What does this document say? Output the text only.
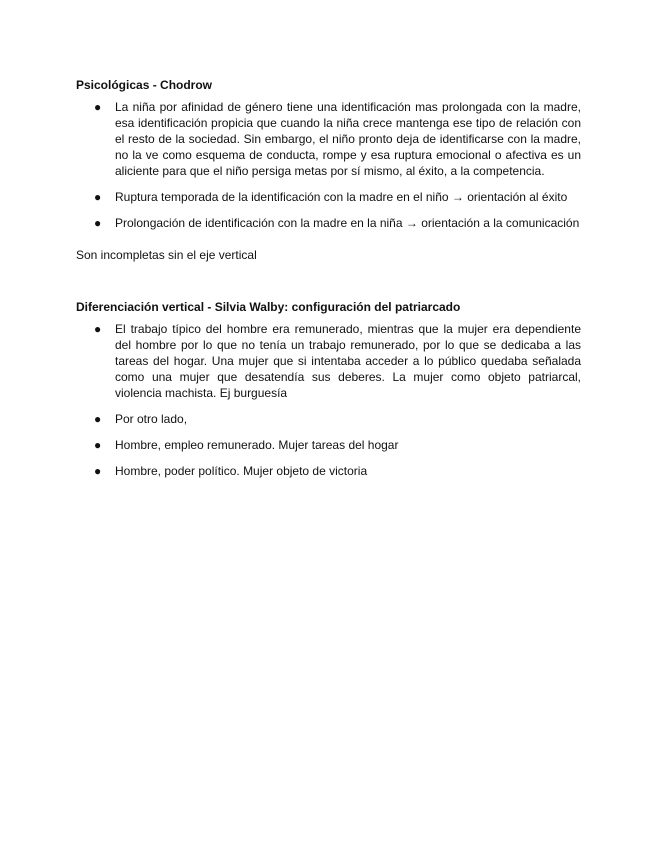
Psicológicas - Chodrow

● La niña por afinidad de género tiene una identificación mas prolongada con la madre, esa identificación propicia que cuando la niña crece mantenga ese tipo de relación con el resto de la sociedad. Sin embargo, el niño pronto deja de identificarse con la madre, no la ve como esquema de conducta, rompe y esa ruptura emocional o afectiva es un aliciente para que el niño persiga metas por sí mismo, al éxito, a la competencia.
● Ruptura temporada de la identificación con la madre en el niño → orientación al éxito
● Prolongación de identificación con la madre en la niña → orientación a la comunicación

Son incompletas sin el eje vertical

Diferenciación vertical - Silvia Walby: configuración del patriarcado

● El trabajo típico del hombre era remunerado, mientras que la mujer era dependiente del hombre por lo que no tenía un trabajo remunerado, por lo que se dedicaba a las tareas del hogar. Una mujer que si intentaba acceder a lo público quedaba señalada como una mujer que desatendía sus deberes. La mujer como objeto patriarcal, violencia machista. Ej burguesía
● Por otro lado,
● Hombre, empleo remunerado. Mujer tareas del hogar
● Hombre, poder político. Mujer objeto de victoria
